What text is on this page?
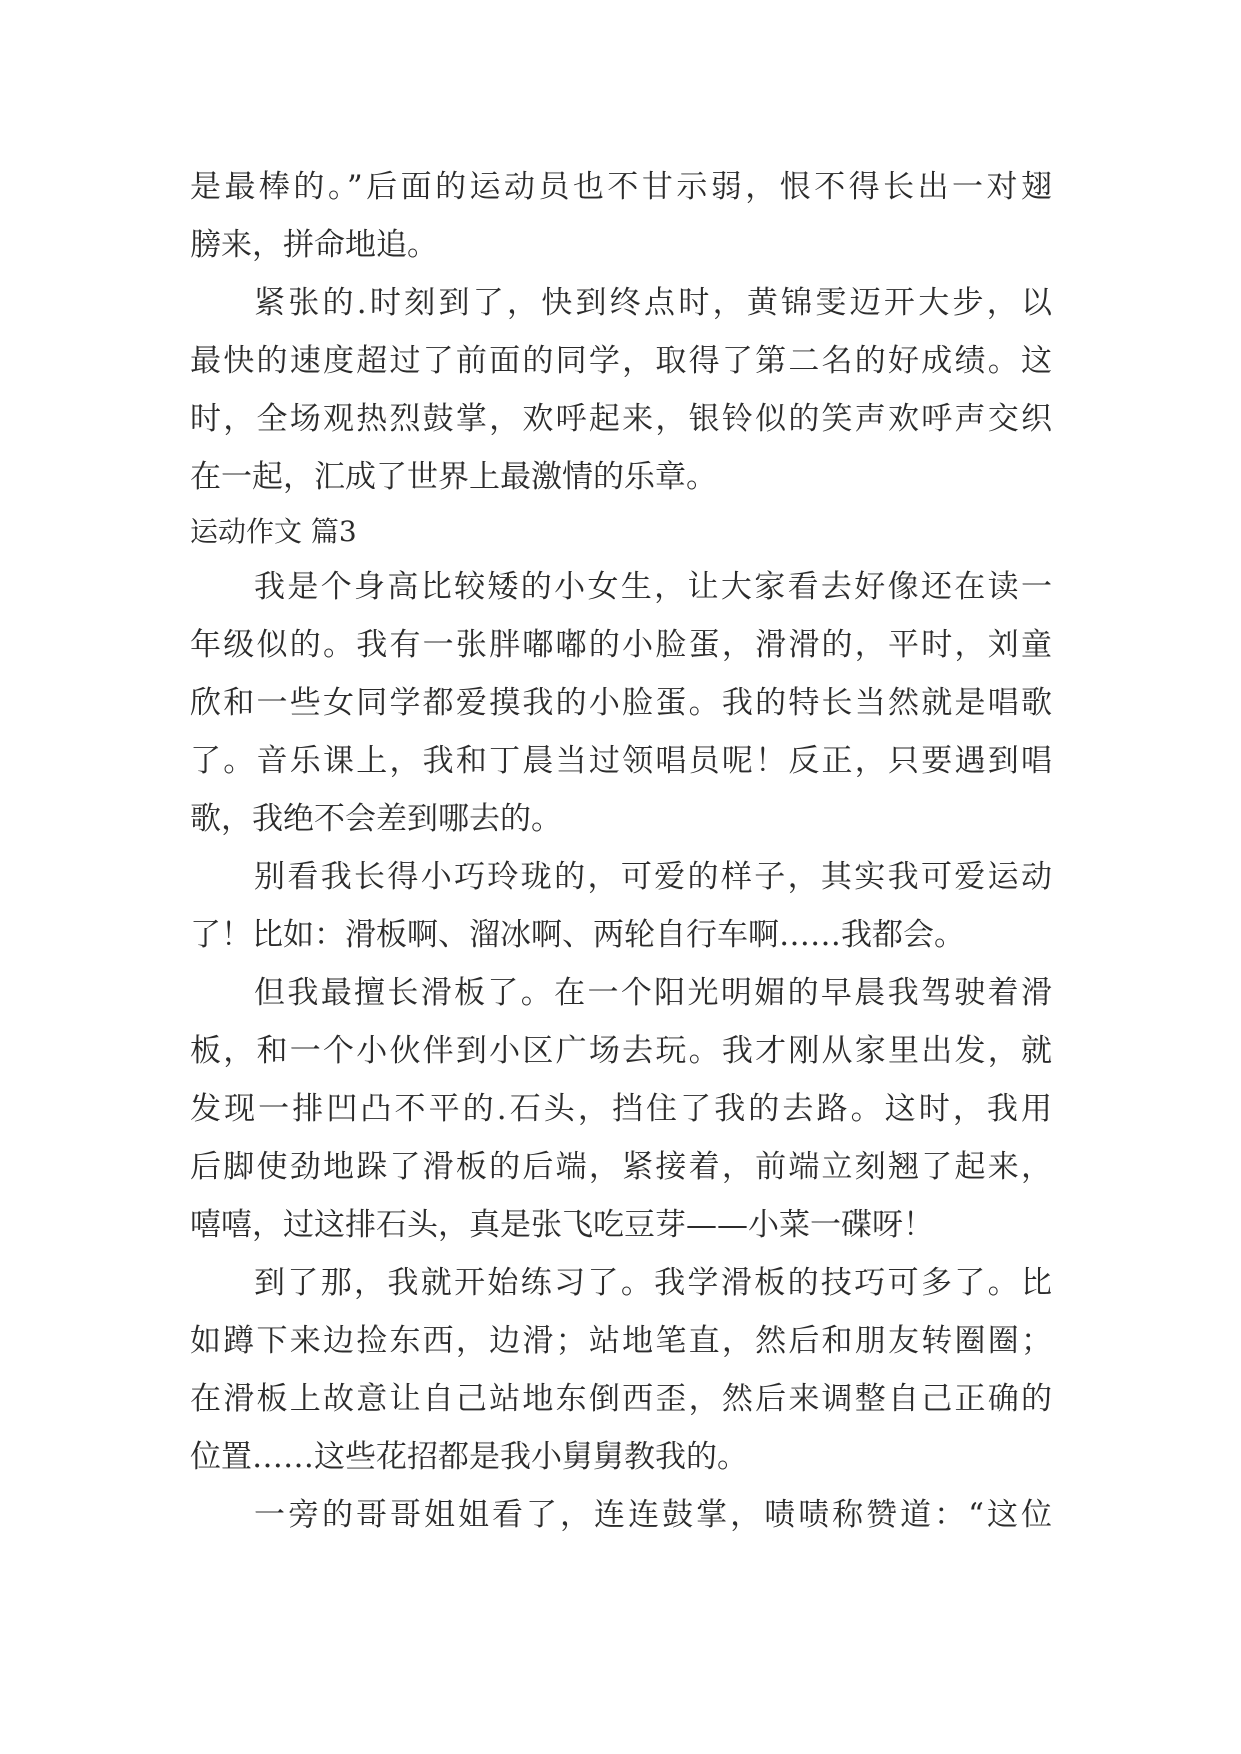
是最棒的。”后面的运动员也不甘示弱，恨不得长出一对翅
膀来，拼命地追。
紧张的.时刻到了，快到终点时，黄锦雯迈开大步，以
最快的速度超过了前面的同学，取得了第二名的好成绩。这
时，全场观热烈鼓掌，欢呼起来，银铃似的笑声欢呼声交织
在一起，汇成了世界上最激情的乐章。
运动作文 篇3
我是个身高比较矮的小女生，让大家看去好像还在读一
年级似的。我有一张胖嘟嘟的小脸蛋，滑滑的，平时，刘童
欣和一些女同学都爱摸我的小脸蛋。我的特长当然就是唱歌
了。音乐课上，我和丁晨当过领唱员呢！反正，只要遇到唱
歌，我绝不会差到哪去的。
别看我长得小巧玲珑的，可爱的样子，其实我可爱运动
了！比如：滑板啊、溜冰啊、两轮自行车啊……我都会。
但我最擅长滑板了。在一个阳光明媚的早晨我驾驶着滑
板，和一个小伙伴到小区广场去玩。我才刚从家里出发，就
发现一排凹凸不平的.石头，挡住了我的去路。这时，我用
后脚使劲地跺了滑板的后端，紧接着，前端立刻翘了起来，
嘻嘻，过这排石头，真是张飞吃豆芽——小菜一碟呀！
到了那，我就开始练习了。我学滑板的技巧可多了。比
如蹲下来边捡东西，边滑；站地笔直，然后和朋友转圈圈；
在滑板上故意让自己站地东倒西歪，然后来调整自己正确的
位置……这些花招都是我小舅舅教我的。
一旁的哥哥姐姐看了，连连鼓掌，啧啧称赞道：“这位
